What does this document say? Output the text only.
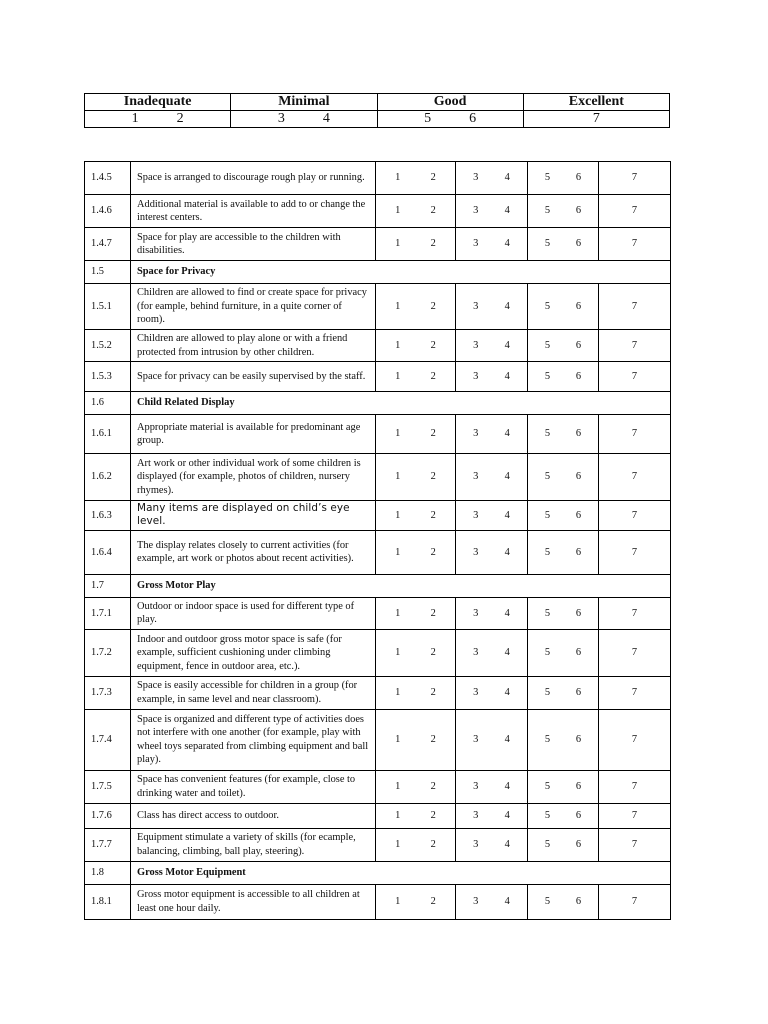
Inadequate	Minimal	Good	Excellent

1 2	3 4	5 6	7
1.4.5	Space is arranged to discourage rough play or running.	1 2	3 4	5 6	7
1.4.6	Additional material is available to add to or change the interest centers.	1 2	3 4	5 6	7
1.4.7	Space for play are accessible to the children with disabilities.	1 2	3 4	5 6	7
1.5	Space for Privacy				
1.5.1	Children are allowed to find or create space for privacy (for eample, behind furniture, in a quite corner of room).	1 2	3 4	5 6	7
1.5.2	Children are allowed to play alone or with a friend protected from intrusion by other children.	1 2	3 4	5 6	7
1.5.3	Space for privacy can be easily supervised by the staff.	1 2	3 4	5 6	7
1.6	Child Related Display				
1.6.1	Appropriate material is available for predominant age group.	1 2	3 4	5 6	7
1.6.2	Art work or other individual work of some children is displayed (for example, photos of children, nursery rhymes).	1 2	3 4	5 6	7
1.6.3	Many items are displayed on child’s eye level.	1 2	3 4	5 6	7
1.6.4	The display relates closely to current activities (for example, art work or photos about recent activities).	1 2	3 4	5 6	7
1.7	Gross Motor Play				
1.7.1	Outdoor or indoor space is used for different type of play.	1 2	3 4	5 6	7
1.7.2	Indoor and outdoor gross motor space is safe (for example, sufficient cushioning under climbing equipment, fence in outdoor area, etc.).	1 2	3 4	5 6	7
1.7.3	Space is easily accessible for children in a group (for example, in same level and near classroom).	1 2	3 4	5 6	7
1.7.4	Space is organized and different type of activities does not interfere with one another (for example, play with wheel toys separated from climbing equipment and ball play).	1 2	3 4	5 6	7
1.7.5	Space has convenient features (for example, close to drinking water and toilet).	1 2	3 4	5 6	7
1.7.6	Class has direct access to outdoor.	1 2	3 4	5 6	7
1.7.7	Equipment stimulate a variety of skills (for ecample, balancing, climbing, ball play, steering).	1 2	3 4	5 6	7
1.8	Gross Motor Equipment				
1.8.1	Gross motor equipment is accessible to all children at least one hour daily.	1 2	3 4	5 6	7
